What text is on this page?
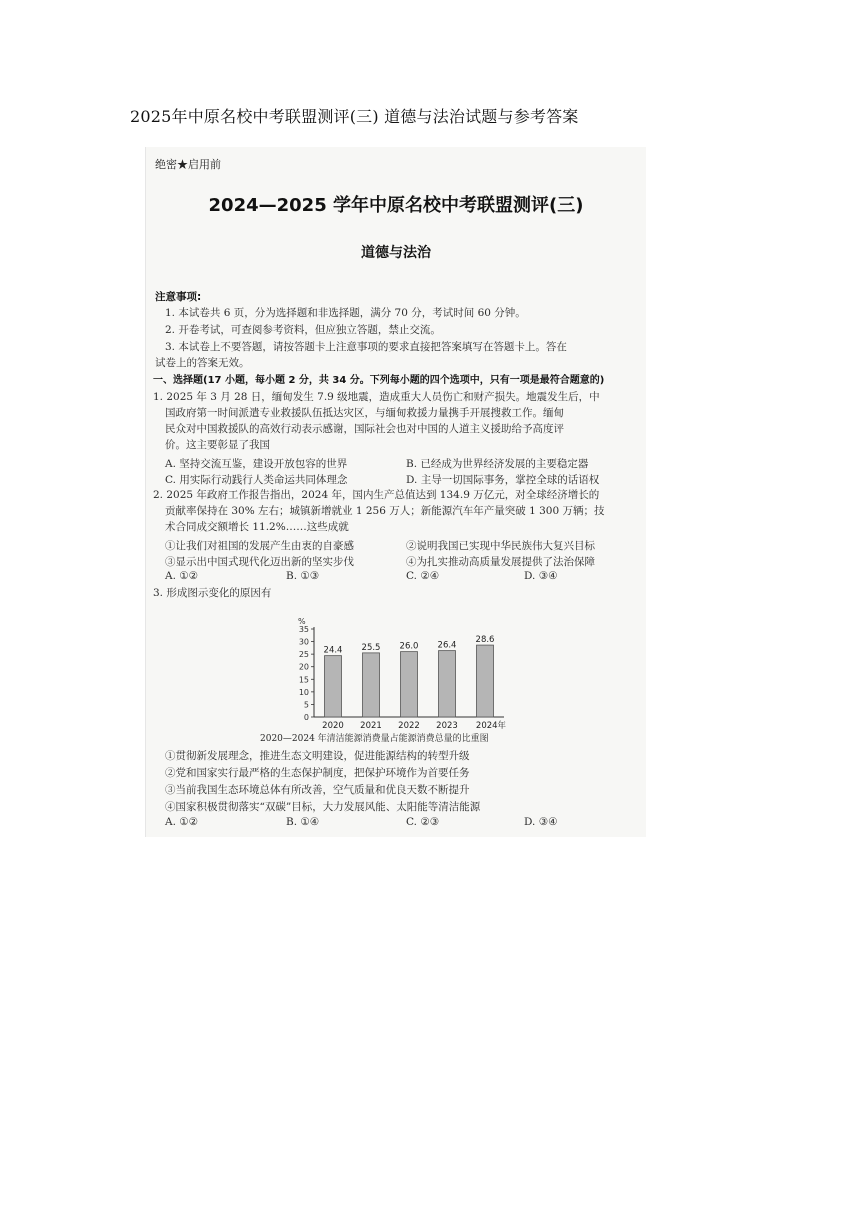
2025年中原名校中考联盟测评(三) 道德与法治试题与参考答案
绝密★启用前
2024—2025 学年中原名校中考联盟测评(三)
道德与法治
注意事项:
1. 本试卷共 6 页，分为选择题和非选择题，满分 70 分，考试时间 60 分钟。
2. 开卷考试，可查阅参考资料，但应独立答题，禁止交流。
3. 本试卷上不要答题，请按答题卡上注意事项的要求直接把答案填写在答题卡上。答在
试卷上的答案无效。
一、选择题(17 小题，每小题 2 分，共 34 分。下列每小题的四个选项中，只有一项是最符合题意的)
1. 2025 年 3 月 28 日，缅甸发生 7.9 级地震，造成重大人员伤亡和财产损失。地震发生后，中
国政府第一时间派遣专业救援队伍抵达灾区，与缅甸救援力量携手开展搜救工作。缅甸
民众对中国救援队的高效行动表示感谢，国际社会也对中国的人道主义援助给予高度评
价。这主要彰显了我国
A. 坚持交流互鉴，建设开放包容的世界	B. 已经成为世界经济发展的主要稳定器
C. 用实际行动践行人类命运共同体理念	D. 主导一切国际事务，掌控全球的话语权
2. 2025 年政府工作报告指出，2024 年，国内生产总值达到 134.9 万亿元，对全球经济增长的
贡献率保持在 30% 左右；城镇新增就业 1 256 万人；新能源汽车年产量突破 1 300 万辆；技
术合同成交额增长 11.2%……这些成就
①让我们对祖国的发展产生由衷的自豪感	②说明我国已实现中华民族伟大复兴目标
③显示出中国式现代化迈出新的坚实步伐	④为扎实推动高质量发展提供了法治保障
A. ①②	B. ①③	C. ②④	D. ③④
3. 形成图示变化的原因有
%
0
5
10
15
20
25
30
35
24.4
2020
25.5
2021
26.0
2022
26.4
2023
28.6
2024年
2020—2024 年清洁能源消费量占能源消费总量的比重图
①贯彻新发展理念，推进生态文明建设，促进能源结构的转型升级
②党和国家实行最严格的生态保护制度，把保护环境作为首要任务
③当前我国生态环境总体有所改善，空气质量和优良天数不断提升
④国家积极贯彻落实“双碳”目标，大力发展风能、太阳能等清洁能源
A. ①②	B. ①④	C. ②③	D. ③④
